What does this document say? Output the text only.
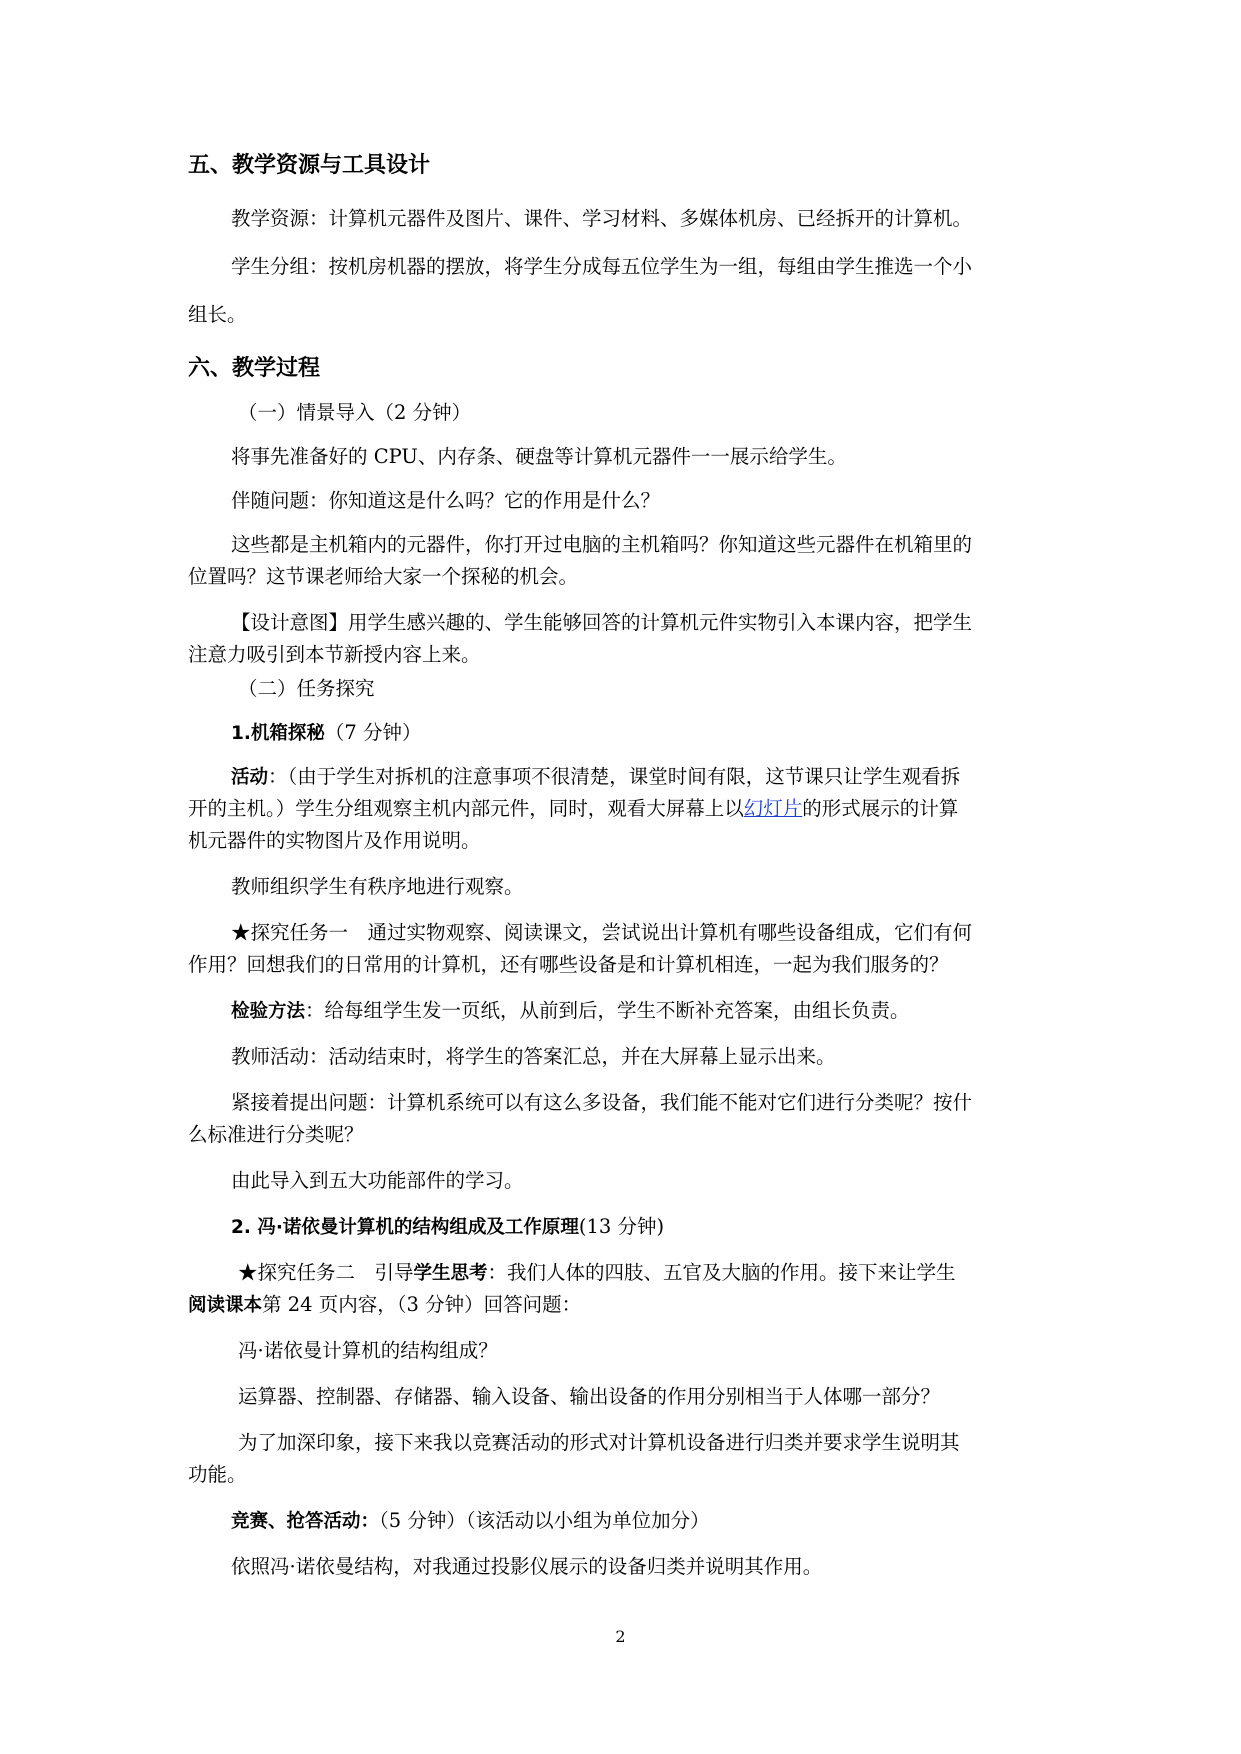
五、教学资源与工具设计
教学资源：计算机元器件及图片、课件、学习材料、多媒体机房、已经拆开的计算机。
学生分组：按机房机器的摆放，将学生分成每五位学生为一组，每组由学生推选一个小
组长。
六、教学过程
（一）情景导入（2 分钟）
将事先准备好的 CPU、内存条、硬盘等计算机元器件一一展示给学生。
伴随问题：你知道这是什么吗？它的作用是什么？
这些都是主机箱内的元器件，你打开过电脑的主机箱吗？你知道这些元器件在机箱里的
位置吗？这节课老师给大家一个探秘的机会。
【设计意图】用学生感兴趣的、学生能够回答的计算机元件实物引入本课内容，把学生
注意力吸引到本节新授内容上来。
（二）任务探究
1.机箱探秘（7 分钟）
活动：（由于学生对拆机的注意事项不很清楚，课堂时间有限，这节课只让学生观看拆
开的主机。）学生分组观察主机内部元件，同时，观看大屏幕上以幻灯片的形式展示的计算
机元器件的实物图片及作用说明。
教师组织学生有秩序地进行观察。
★探究任务一　通过实物观察、阅读课文，尝试说出计算机有哪些设备组成，它们有何
作用？回想我们的日常用的计算机，还有哪些设备是和计算机相连，一起为我们服务的？
检验方法：给每组学生发一页纸，从前到后，学生不断补充答案，由组长负责。
教师活动：活动结束时，将学生的答案汇总，并在大屏幕上显示出来。
紧接着提出问题：计算机系统可以有这么多设备，我们能不能对它们进行分类呢？按什
么标准进行分类呢？
由此导入到五大功能部件的学习。
2. 冯·诺依曼计算机的结构组成及工作原理(13 分钟)
★探究任务二　引导学生思考：我们人体的四肢、五官及大脑的作用。接下来让学生
阅读课本第 24 页内容，（3 分钟）回答问题：
冯·诺依曼计算机的结构组成？
运算器、控制器、存储器、输入设备、输出设备的作用分别相当于人体哪一部分？
为了加深印象，接下来我以竞赛活动的形式对计算机设备进行归类并要求学生说明其
功能。
竞赛、抢答活动：（5 分钟）（该活动以小组为单位加分）
依照冯·诺依曼结构，对我通过投影仪展示的设备归类并说明其作用。
2
